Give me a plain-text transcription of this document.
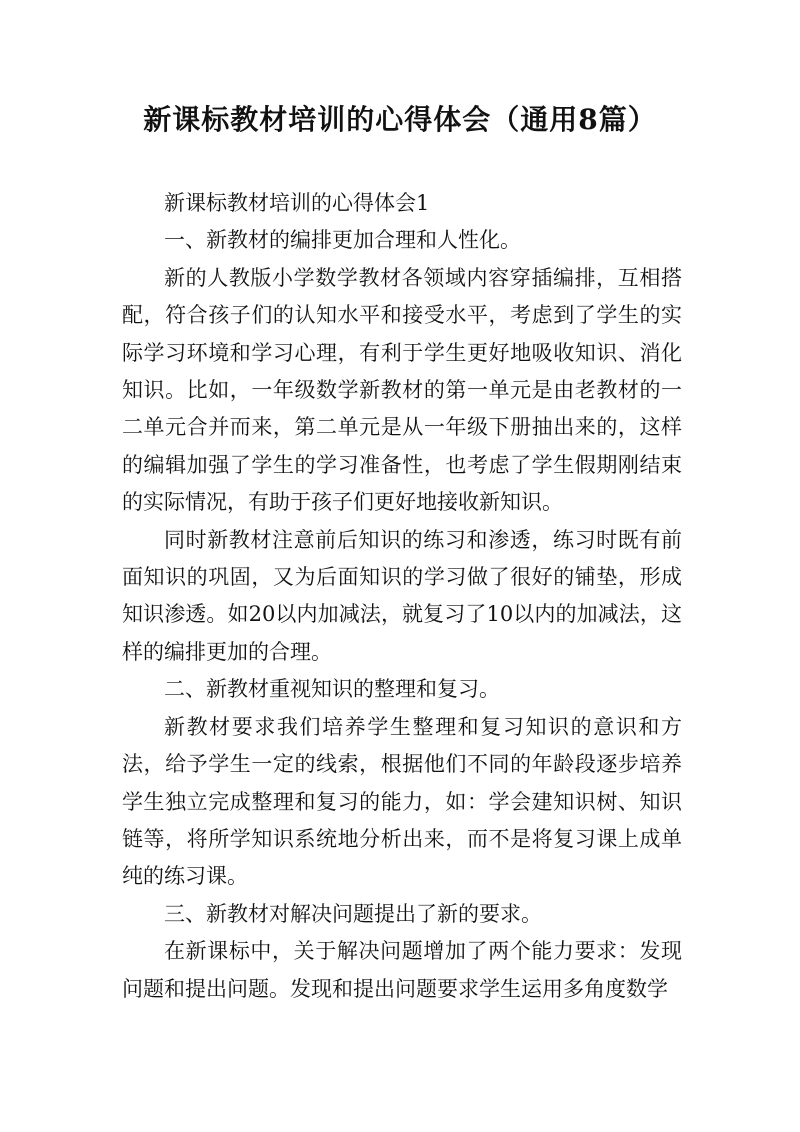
新课标教材培训的心得体会（通用8篇）

新课标教材培训的心得体会1

一、新教材的编排更加合理和人性化。

新的人教版小学数学教材各领域内容穿插编排，互相搭配，符合孩子们的认知水平和接受水平，考虑到了学生的实际学习环境和学习心理，有利于学生更好地吸收知识、消化知识。比如，一年级数学新教材的第一单元是由老教材的一二单元合并而来，第二单元是从一年级下册抽出来的，这样的编辑加强了学生的学习准备性，也考虑了学生假期刚结束的实际情况，有助于孩子们更好地接收新知识。

同时新教材注意前后知识的练习和渗透，练习时既有前面知识的巩固，又为后面知识的学习做了很好的铺垫，形成知识渗透。如20以内加减法，就复习了10以内的加减法，这样的编排更加的合理。

二、新教材重视知识的整理和复习。

新教材要求我们培养学生整理和复习知识的意识和方法，给予学生一定的线索，根据他们不同的年龄段逐步培养学生独立完成整理和复习的能力，如：学会建知识树、知识链等，将所学知识系统地分析出来，而不是将复习课上成单纯的练习课。

三、新教材对解决问题提出了新的要求。

在新课标中，关于解决问题增加了两个能力要求：发现问题和提出问题。发现和提出问题要求学生运用多角度数学
